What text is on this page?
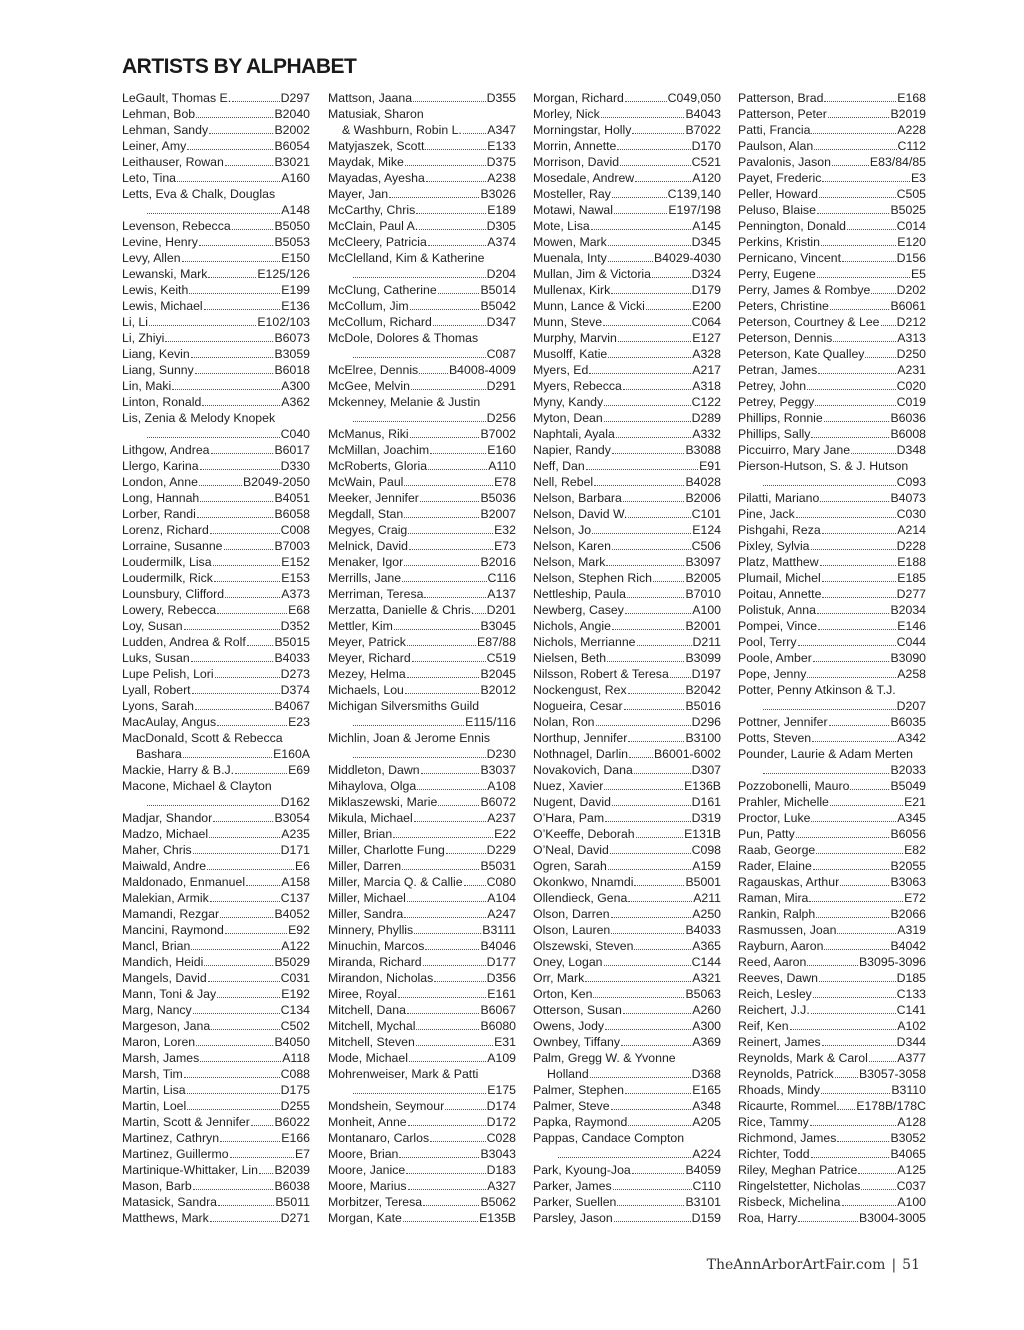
ARTISTS BY ALPHABET
LeGault, Thomas E.	D297
Lehman, Bob	B2040
Lehman, Sandy	B2002
Leiner, Amy	B6054
Leithauser, Rowan	B3021
Leto, Tina	A160
Letts, Eva & Chalk, Douglas
A148
Levenson, Rebecca	B5050
Levine, Henry	B5053
Levy, Allen	E150
Lewanski, Mark	E125/126
Lewis, Keith	E199
Lewis, Michael	E136
Li, Li	E102/103
Li, Zhiyi	B6073
Liang, Kevin	B3059
Liang, Sunny	B6018
Lin, Maki	A300
Linton, Ronald	A362
Lis, Zenia & Melody Knopek
C040
Lithgow, Andrea	B6017
Llergo, Karina	D330
London, Anne	B2049-2050
Long, Hannah	B4051
Lorber, Randi	B6058
Lorenz, Richard	C008
Lorraine, Susanne	B7003
Loudermilk, Lisa	E152
Loudermilk, Rick	E153
Lounsbury, Clifford	A373
Lowery, Rebecca	E68
Loy, Susan	D352
Ludden, Andrea & Rolf B5015
Luks, Susan	B4033
Lupe Pelish, Lori	D273
Lyall, Robert	D374
Lyons, Sarah	B4067
MacAulay, Angus	E23
MacDonald, Scott & Rebecca
Bashara	E160A
Mackie, Harry & B.J.	E69
Macone, Michael & Clayton
D162
Madjar, Shandor	B3054
Madzo, Michael	A235
Maher, Chris	D171
Maiwald, Andre	E6
Maldonado, Enmanuel	A158
Malekian, Armik	C137
Mamandi, Rezgar	B4052
Mancini, Raymond	E92
Mancl, Brian	A122
Mandich, Heidi	B5029
Mangels, David	C031
Mann, Toni & Jay	E192
Marg, Nancy	C134
Margeson, Jana	C502
Maron, Loren	B4050
Marsh, James	A118
Marsh, Tim	C088
Martin, Lisa	D175
Martin, Loel	D255
Martin, Scott & Jennifer B6022
Martinez, Cathryn	E166
Martinez, Guillermo	E7
Martinique-Whittaker, Lin B2039
Mason, Barb	B6038
Matasick, Sandra	B5011
Matthews, Mark	D271
Mattson, Jaana	D355
Matusiak, Sharon
& Washburn, Robin L. A347
Matyjaszek, Scott	E133
Maydak, Mike	D375
Mayadas, Ayesha	A238
Mayer, Jan	B3026
McCarthy, Chris	E189
McClain, Paul A.	D305
McCleery, Patricia	A374
McClelland, Kim & Katherine
D204
McClung, Catherine	B5014
McCollum, Jim	B5042
McCollum, Richard	D347
McDole, Dolores & Thomas
C087
McElree, Dennis	B4008-4009
McGee, Melvin	D291
Mckenney, Melanie & Justin
D256
McManus, Riki	B7002
McMillan, Joachim	E160
McRoberts, Gloria	A110
McWain, Paul	E78
Meeker, Jennifer	B5036
Megdall, Stan	B2007
Megyes, Craig	E32
Melnick, David	E73
Menaker, Igor	B2016
Merrills, Jane	C116
Merriman, Teresa	A137
Merzatta, Danielle & Chris. D201
Mettler, Kim	B3045
Meyer, Patrick	E87/88
Meyer, Richard	C519
Mezey, Helma	B2045
Michaels, Lou	B2012
Michigan Silversmiths Guild
E115/116
Michlin, Joan & Jerome Ennis
D230
Middleton, Dawn	B3037
Mihaylova, Olga	A108
Miklaszewski, Marie	B6072
Mikula, Michael	A237
Miller, Brian	E22
Miller, Charlotte Fung	D229
Miller, Darren	B5031
Miller, Marcia Q. & Callie C080
Miller, Michael	A104
Miller, Sandra	A247
Minnery, Phyllis	B3111
Minuchin, Marcos	B4046
Miranda, Richard	D177
Mirandon, Nicholas	D356
Miree, Royal	E161
Mitchell, Dana	B6067
Mitchell, Mychal	B6080
Mitchell, Steven	E31
Mode, Michael	A109
Mohrenweiser, Mark & Patti
E175
Mondshein, Seymour	D174
Monheit, Anne	D172
Montanaro, Carlos	C028
Moore, Brian	B3043
Moore, Janice	D183
Moore, Marius	A327
Morbitzer, Teresa	B5062
Morgan, Kate	E135B
Morgan, Richard	C049,050
Morley, Nick	B4043
Morningstar, Holly	B7022
Morrin, Annette	D170
Morrison, David	C521
Mosedale, Andrew	A120
Mosteller, Ray	C139,140
Motawi, Nawal	E197/198
Mote, Lisa	A145
Mowen, Mark	D345
Muenala, Inty	B4029-4030
Mullan, Jim & Victoria	D324
Mullenax, Kirk	D179
Munn, Lance & Vicki	E200
Munn, Steve	C064
Murphy, Marvin	E127
Musolff, Katie	A328
Myers, Ed	A217
Myers, Rebecca	A318
Myny, Kandy	C122
Myton, Dean	D289
Naphtali, Ayala	A332
Napier, Randy	B3088
Neff, Dan	E91
Nell, Rebel	B4028
Nelson, Barbara	B2006
Nelson, David W.	C101
Nelson, Jo	E124
Nelson, Karen	C506
Nelson, Mark	B3097
Nelson, Stephen Rich	B2005
Nettleship, Paula	B7010
Newberg, Casey	A100
Nichols, Angie	B2001
Nichols, Merrianne	D211
Nielsen, Beth	B3099
Nilsson, Robert & Teresa D197
Nockengust, Rex	B2042
Nogueira, Cesar	B5016
Nolan, Ron	D296
Northup, Jennifer	B3100
Nothnagel, Darlin B6001-6002
Novakovich, Dana	D307
Nuez, Xavier	E136B
Nugent, David	D161
O’Hara, Pam	D319
O’Keeffe, Deborah	E131B
O’Neal, David	C098
Ogren, Sarah	A159
Okonkwo, Nnamdi	B5001
Ollendieck, Gena	A211
Olson, Darren	A250
Olson, Lauren	B4033
Olszewski, Steven	A365
Oney, Logan	C144
Orr, Mark	A321
Orton, Ken	B5063
Otterson, Susan	A260
Owens, Jody	A300
Ownbey, Tiffany	A369
Palm, Gregg W. & Yvonne
Holland	D368
Palmer, Stephen	E165
Palmer, Steve	A348
Papka, Raymond	A205
Pappas, Candace Compton
A224
Park, Kyoung-Joa	B4059
Parker, James	C110
Parker, Suellen	B3101
Parsley, Jason	D159
Patterson, Brad	E168
Patterson, Peter	B2019
Patti, Francia	A228
Paulson, Alan	C112
Pavalonis, Jason	E83/84/85
Payet, Frederic	E3
Peller, Howard	C505
Peluso, Blaise	B5025
Pennington, Donald	C014
Perkins, Kristin	E120
Pernicano, Vincent	D156
Perry, Eugene	E5
Perry, James & Rombye D202
Peters, Christine	B6061
Peterson, Courtney & Lee D212
Peterson, Dennis	A313
Peterson, Kate Qualley	D250
Petran, James	A231
Petrey, John	C020
Petrey, Peggy	C019
Phillips, Ronnie	B6036
Phillips, Sally	B6008
Piccuirro, Mary Jane	D348
Pierson-Hutson, S. & J. Hutson
C093
Pilatti, Mariano	B4073
Pine, Jack	C030
Pishgahi, Reza	A214
Pixley, Sylvia	D228
Platz, Matthew	E188
Plumail, Michel	E185
Poitau, Annette	D277
Polistuk, Anna	B2034
Pompei, Vince	E146
Pool, Terry	C044
Poole, Amber	B3090
Pope, Jenny	A258
Potter, Penny Atkinson & T.J.
D207
Pottner, Jennifer	B6035
Potts, Steven	A342
Pounder, Laurie & Adam Merten
B2033
Pozzobonelli, Mauro	B5049
Prahler, Michelle	E21
Proctor, Luke	A345
Pun, Patty	B6056
Raab, George	E82
Rader, Elaine	B2055
Ragauskas, Arthur	B3063
Raman, Mira	E72
Rankin, Ralph	B2066
Rasmussen, Joan	A319
Rayburn, Aaron	B4042
Reed, Aaron	B3095-3096
Reeves, Dawn	D185
Reich, Lesley	C133
Reichert, J.J.	C141
Reif, Ken	A102
Reinert, James	D344
Reynolds, Mark & Carol A377
Reynolds, Patrick B3057-3058
Rhoads, Mindy	B3110
Ricaurte, Rommel E178B/178C
Rice, Tammy	A128
Richmond, James	B3052
Richter, Todd	B4065
Riley, Meghan Patrice	A125
Ringelstetter, Nicholas	C037
Risbeck, Michelina	A100
Roa, Harry	B3004-3005
TheAnnArborArtFair.com | 51
